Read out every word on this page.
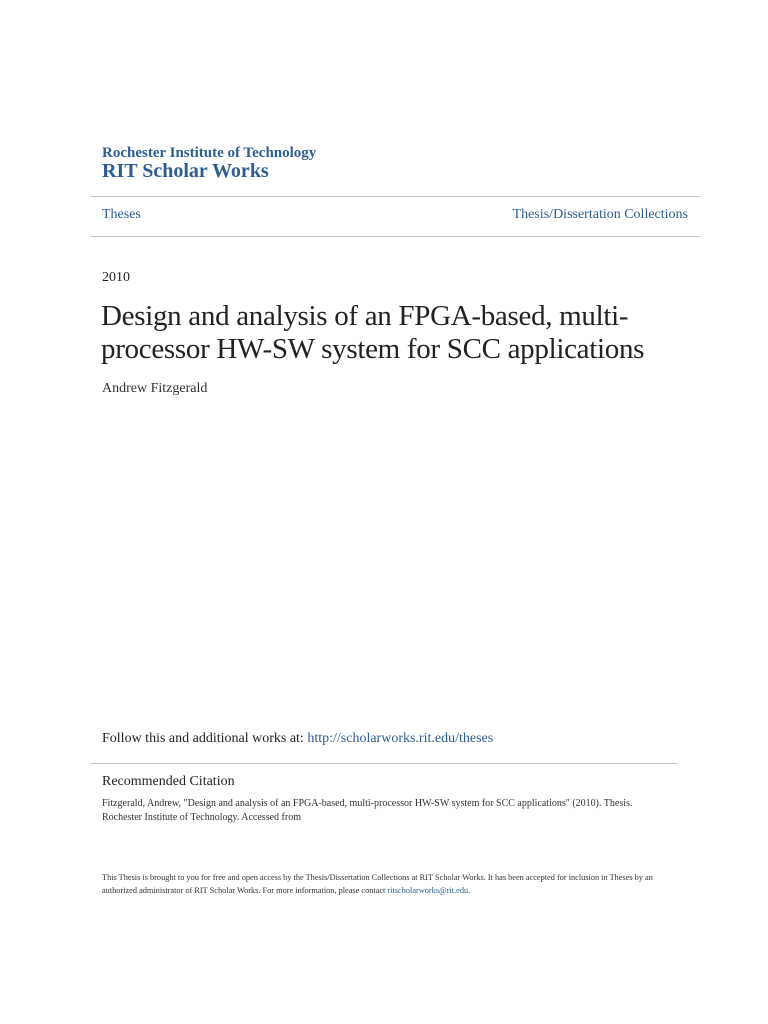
Rochester Institute of Technology
RIT Scholar Works
Theses	Thesis/Dissertation Collections
2010
Design and analysis of an FPGA-based, multi-processor HW-SW system for SCC applications
Andrew Fitzgerald
Follow this and additional works at: http://scholarworks.rit.edu/theses
Recommended Citation
Fitzgerald, Andrew, "Design and analysis of an FPGA-based, multi-processor HW-SW system for SCC applications" (2010). Thesis. Rochester Institute of Technology. Accessed from
This Thesis is brought to you for free and open access by the Thesis/Dissertation Collections at RIT Scholar Works. It has been accepted for inclusion in Theses by an authorized administrator of RIT Scholar Works. For more information, please contact ritscholarworks@rit.edu.
